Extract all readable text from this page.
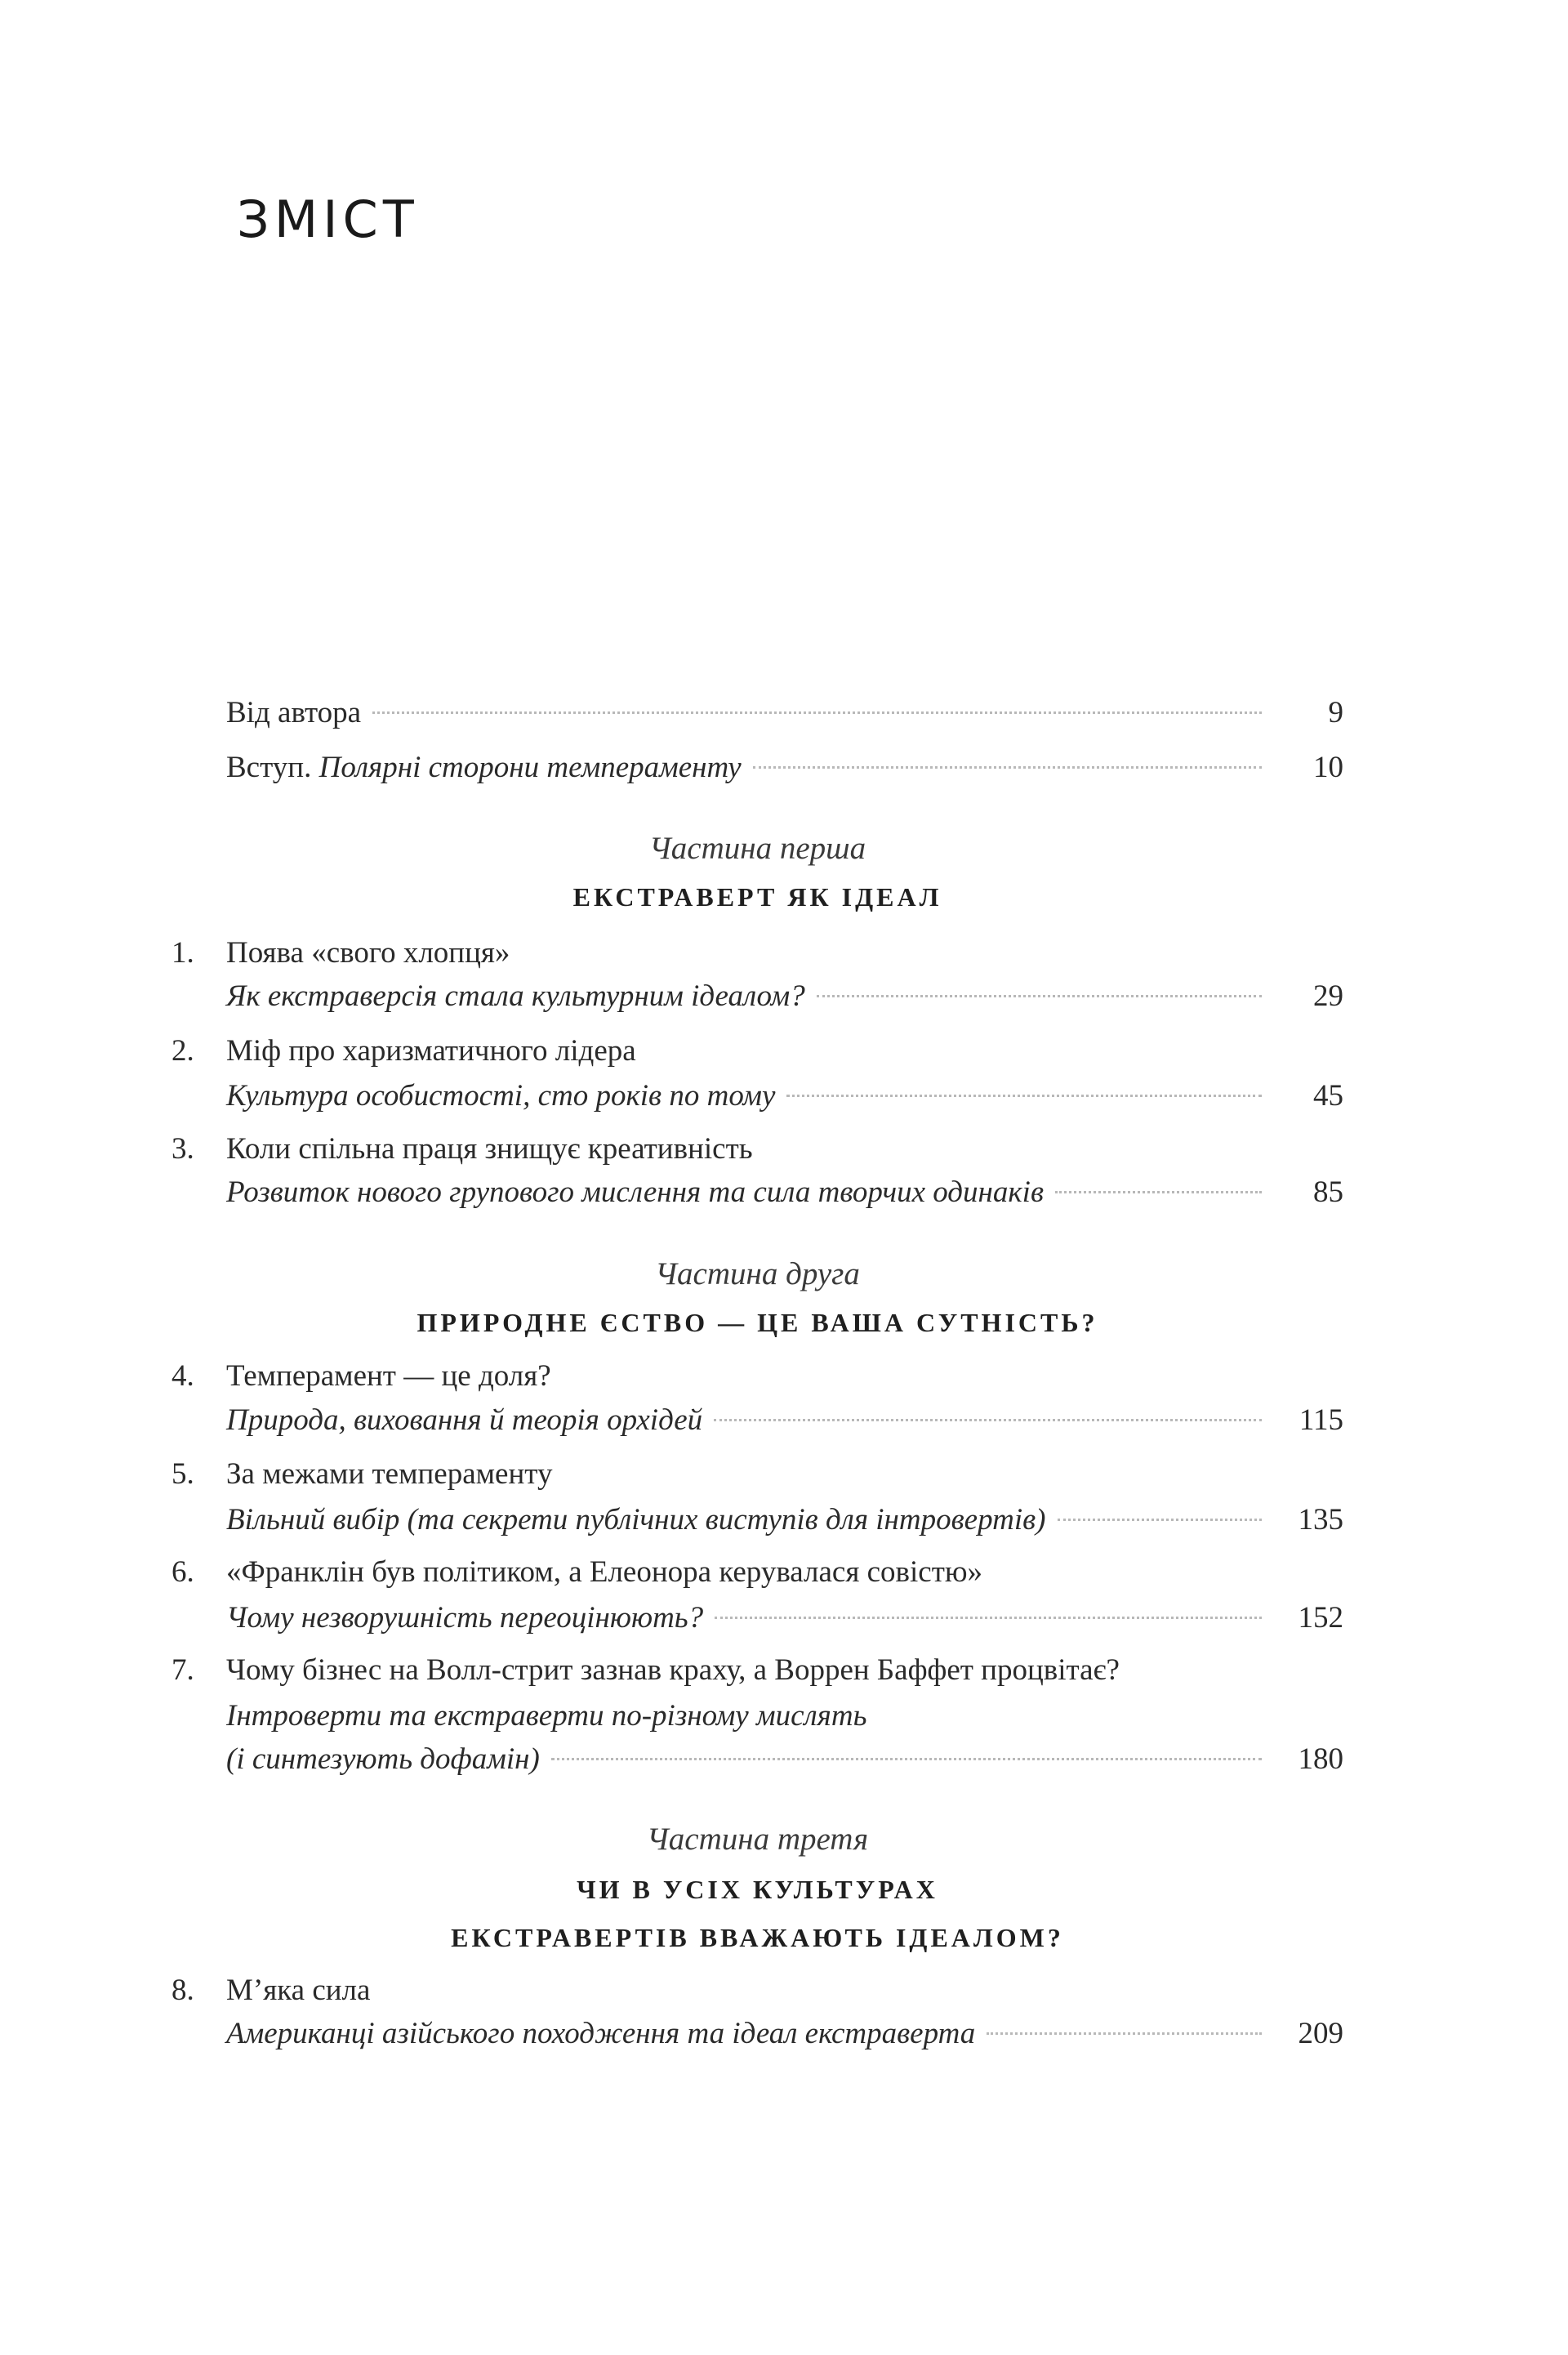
ЗМІСТ
Від автора	9
Вступ. Полярні сторони темпераменту	10
Частина перша
ЕКСТРАВЕРТ ЯК ІДЕАЛ
1.	Поява «свого хлопця»
Як екстраверсія стала культурним ідеалом?	29
2.	Міф про харизматичного лідера
Культура особистості, сто років по тому	45
3.	Коли спільна праця знищує креативність
Розвиток нового групового мислення та сила творчих одинаків	85
Частина друга
ПРИРОДНЕ ЄСТВО — ЦЕ ВАША СУТНІСТЬ?
4.	Темперамент — це доля?
Природа, виховання й теорія орхідей	115
5.	За межами темпераменту
Вільний вибір (та секрети публічних виступів для інтровертів)	135
6.	«Франклін був політиком, а Елеонора керувалася совістю»
Чому незворушність переоцінюють?	152
7.	Чому бізнес на Волл-стрит зазнав краху, а Воррен Баффет процвітає?
Інтроверти та екстраверти по-різному мислять
(і синтезують дофамін)	180
Частина третя
ЧИ В УСІХ КУЛЬТУРАХ
ЕКСТРАВЕРТІВ ВВАЖАЮТЬ ІДЕАЛОМ?
8.	М’яка сила
Американці азійського походження та ідеал екстраверта	209
